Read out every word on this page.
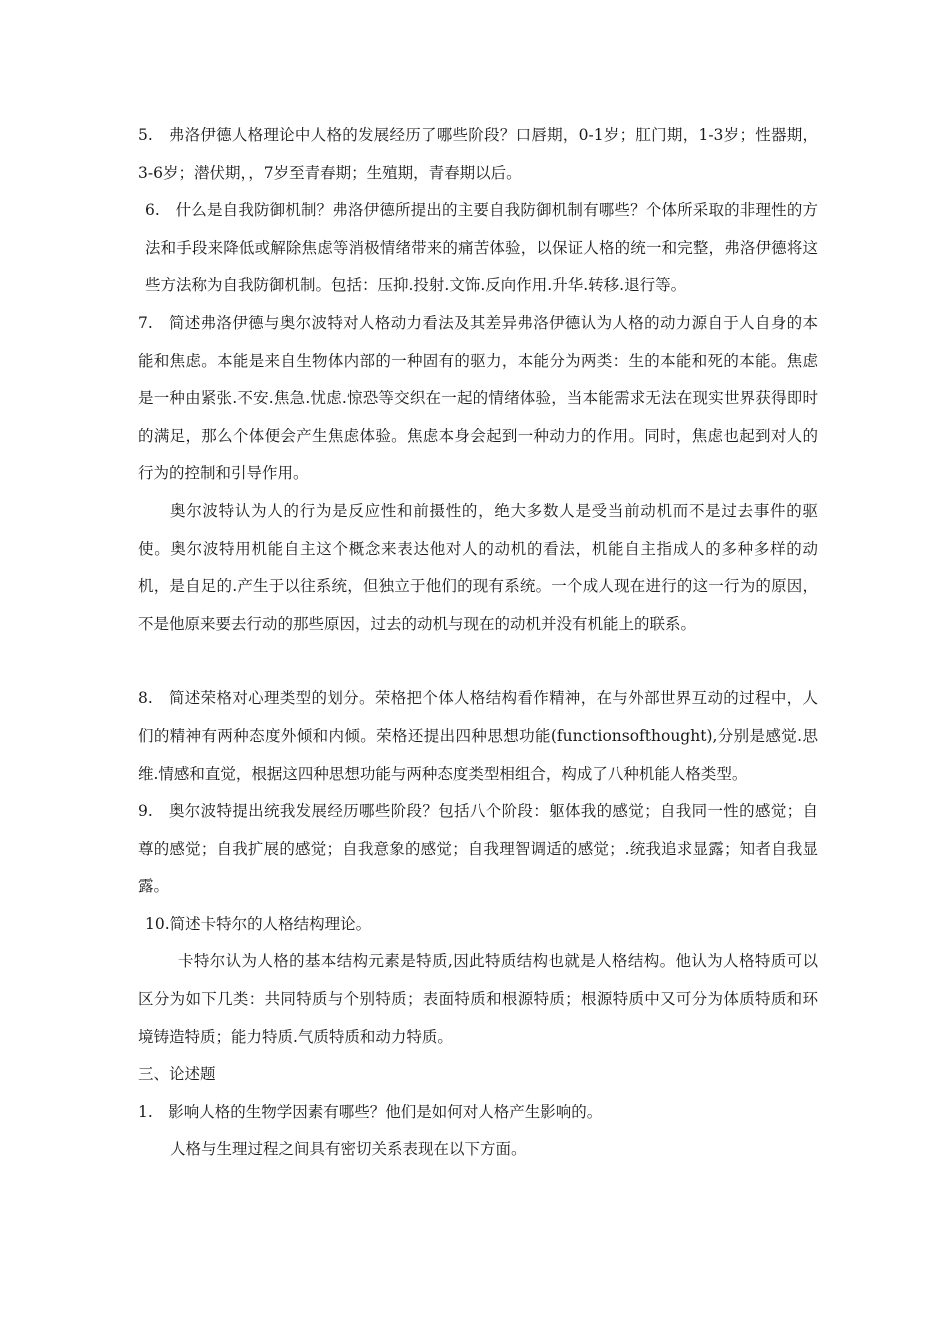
5.　弗洛伊德人格理论中人格的发展经历了哪些阶段？口唇期，0-1岁；肛门期，1-3岁；性器期，3-6岁；潜伏期，，7岁至青春期；生殖期，青春期以后。

6.　什么是自我防御机制？弗洛伊德所提出的主要自我防御机制有哪些？个体所采取的非理性的方法和手段来降低或解除焦虑等消极情绪带来的痛苦体验，以保证人格的统一和完整，弗洛伊德将这些方法称为自我防御机制。包括：压抑.投射.文饰.反向作用.升华.转移.退行等。

7.　简述弗洛伊德与奥尔波特对人格动力看法及其差异弗洛伊德认为人格的动力源自于人自身的本能和焦虑。本能是来自生物体内部的一种固有的驱力，本能分为两类：生的本能和死的本能。焦虑是一种由紧张.不安.焦急.忧虑.惊恐等交织在一起的情绪体验，当本能需求无法在现实世界获得即时的满足，那么个体便会产生焦虑体验。焦虑本身会起到一种动力的作用。同时，焦虑也起到对人的行为的控制和引导作用。

奥尔波特认为人的行为是反应性和前摄性的，绝大多数人是受当前动机而不是过去事件的驱使。奥尔波特用机能自主这个概念来表达他对人的动机的看法，机能自主指成人的多种多样的动机，是自足的.产生于以往系统，但独立于他们的现有系统。一个成人现在进行的这一行为的原因，不是他原来要去行动的那些原因，过去的动机与现在的动机并没有机能上的联系。

8.　简述荣格对心理类型的划分。荣格把个体人格结构看作精神，在与外部世界互动的过程中，人们的精神有两种态度外倾和内倾。荣格还提出四种思想功能(functionsofthought),分别是感觉.思维.情感和直觉，根据这四种思想功能与两种态度类型相组合，构成了八种机能人格类型。

9.　奥尔波特提出统我发展经历哪些阶段？包括八个阶段：躯体我的感觉；自我同一性的感觉；自尊的感觉；自我扩展的感觉；自我意象的感觉；自我理智调适的感觉；.统我追求显露；知者自我显露。

10.简述卡特尔的人格结构理论。

卡特尔认为人格的基本结构元素是特质,因此特质结构也就是人格结构。他认为人格特质可以区分为如下几类：共同特质与个别特质；表面特质和根源特质；根源特质中又可分为体质特质和环境铸造特质；能力特质.气质特质和动力特质。

三、论述题

1.　影响人格的生物学因素有哪些？他们是如何对人格产生影响的。

人格与生理过程之间具有密切关系表现在以下方面。
